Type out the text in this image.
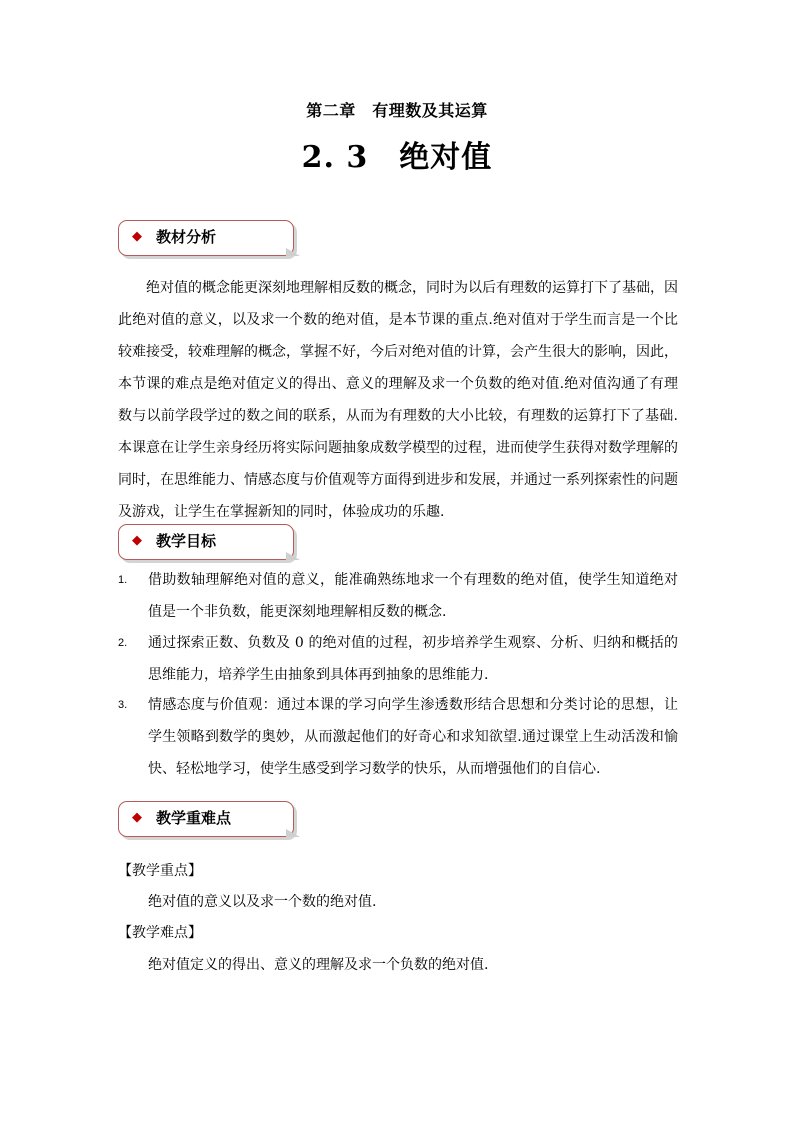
第二章　有理数及其运算
2. 3　绝对值
◆ 教材分析
绝对值的概念能更深刻地理解相反数的概念，同时为以后有理数的运算打下了基础，因此绝对值的意义，以及求一个数的绝对值，是本节课的重点.绝对值对于学生而言是一个比较难接受，较难理解的概念，掌握不好，今后对绝对值的计算，会产生很大的影响，因此，本节课的难点是绝对值定义的得出、意义的理解及求一个负数的绝对值.绝对值沟通了有理数与以前学段学过的数之间的联系，从而为有理数的大小比较，有理数的运算打下了基础.本课意在让学生亲身经历将实际问题抽象成数学模型的过程，进而使学生获得对数学理解的同时，在思维能力、情感态度与价值观等方面得到进步和发展，并通过一系列探索性的问题及游戏，让学生在掌握新知的同时，体验成功的乐趣.
◆ 教学目标
1.	借助数轴理解绝对值的意义，能准确熟练地求一个有理数的绝对值，使学生知道绝对值是一个非负数，能更深刻地理解相反数的概念.
2.	通过探索正数、负数及 0 的绝对值的过程，初步培养学生观察、分析、归纳和概括的思维能力，培养学生由抽象到具体再到抽象的思维能力.
3.	情感态度与价值观：通过本课的学习向学生渗透数形结合思想和分类讨论的思想，让学生领略到数学的奥妙，从而激起他们的好奇心和求知欲望.通过课堂上生动活泼和愉快、轻松地学习，使学生感受到学习数学的快乐，从而增强他们的自信心.
◆ 教学重难点
【教学重点】
绝对值的意义以及求一个数的绝对值.
【教学难点】
绝对值定义的得出、意义的理解及求一个负数的绝对值.
